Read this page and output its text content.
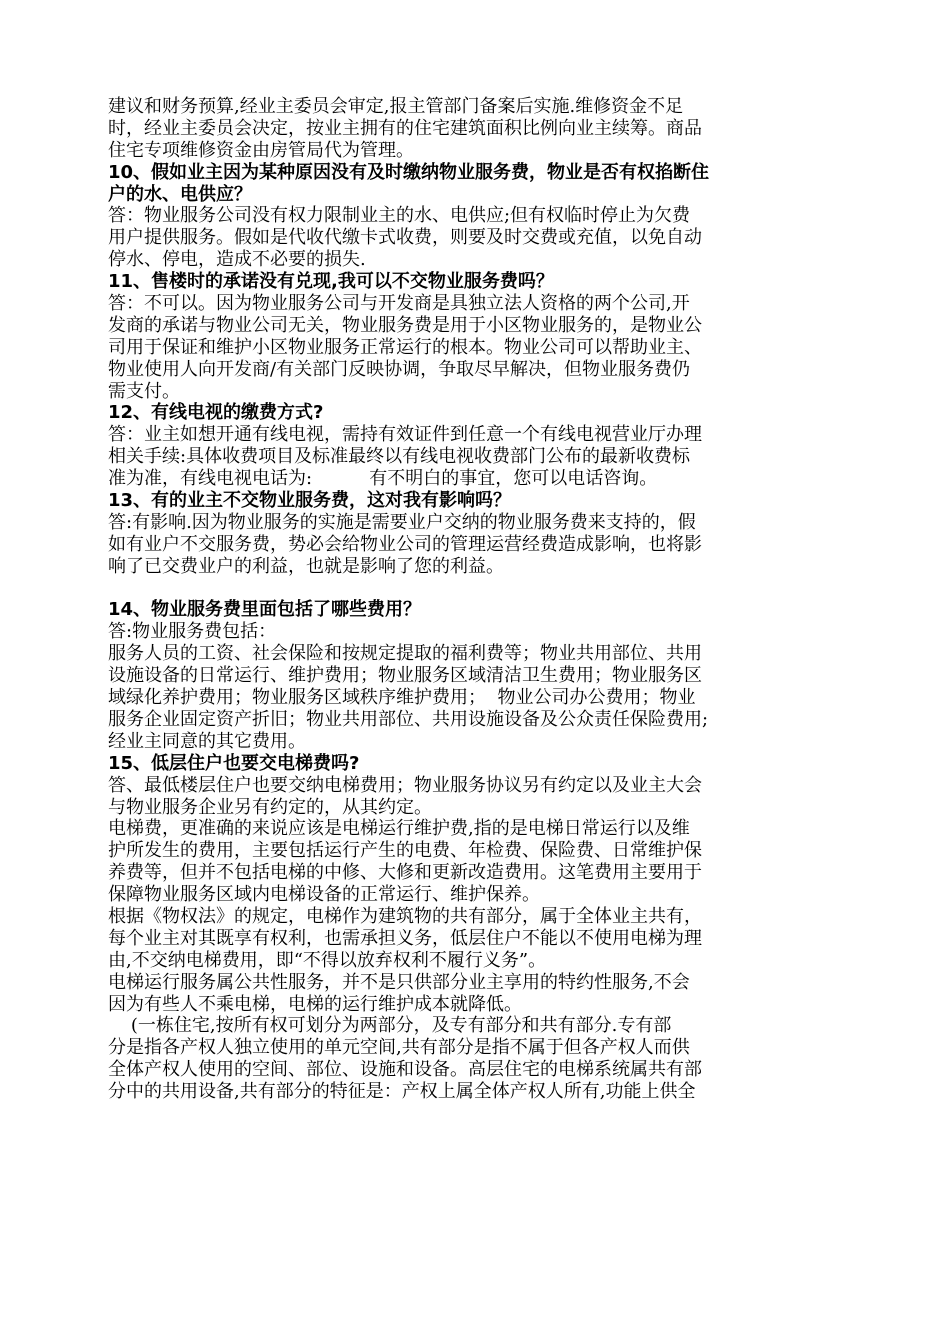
建议和财务预算,经业主委员会审定,报主管部门备案后实施.维修资金不足
时，经业主委员会决定，按业主拥有的住宅建筑面积比例向业主续筹。商品
住宅专项维修资金由房管局代为管理。
10、假如业主因为某种原因没有及时缴纳物业服务费，物业是否有权掐断住
户的水、电供应？
答：物业服务公司没有权力限制业主的水、电供应;但有权临时停止为欠费
用户提供服务。假如是代收代缴卡式收费，则要及时交费或充值，以免自动
停水、停电，造成不必要的损失.
11、售楼时的承诺没有兑现,我可以不交物业服务费吗？
答：不可以。因为物业服务公司与开发商是具独立法人资格的两个公司,开
发商的承诺与物业公司无关，物业服务费是用于小区物业服务的，是物业公
司用于保证和维护小区物业服务正常运行的根本。物业公司可以帮助业主、
物业使用人向开发商/有关部门反映协调，争取尽早解决，但物业服务费仍
需支付。
12、有线电视的缴费方式?
答：业主如想开通有线电视，需持有效证件到任意一个有线电视营业厅办理
相关手续:具体收费项目及标准最终以有线电视收费部门公布的最新收费标
准为准，有线电视电话为:          有不明白的事宜，您可以电话咨询。
13、有的业主不交物业服务费，这对我有影响吗？
答:有影响.因为物业服务的实施是需要业户交纳的物业服务费来支持的，假
如有业户不交服务费，势必会给物业公司的管理运营经费造成影响，也将影
响了已交费业户的利益，也就是影响了您的利益。
14、物业服务费里面包括了哪些费用？
答:物业服务费包括：
服务人员的工资、社会保险和按规定提取的福利费等；物业共用部位、共用
设施设备的日常运行、维护费用；物业服务区域清洁卫生费用；物业服务区
域绿化养护费用；物业服务区域秩序维护费用；  物业公司办公费用；物业
服务企业固定资产折旧；物业共用部位、共用设施设备及公众责任保险费用;
经业主同意的其它费用。
15、低层住户也要交电梯费吗?
答、最低楼层住户也要交纳电梯费用；物业服务协议另有约定以及业主大会
与物业服务企业另有约定的，从其约定。
电梯费，更准确的来说应该是电梯运行维护费,指的是电梯日常运行以及维
护所发生的费用，主要包括运行产生的电费、年检费、保险费、日常维护保
养费等，但并不包括电梯的中修、大修和更新改造费用。这笔费用主要用于
保障物业服务区域内电梯设备的正常运行、维护保养。
根据《物权法》的规定，电梯作为建筑物的共有部分，属于全体业主共有，
每个业主对其既享有权利，也需承担义务，低层住户不能以不使用电梯为理
由,不交纳电梯费用，即“不得以放弃权利不履行义务”。
电梯运行服务属公共性服务，并不是只供部分业主享用的特约性服务,不会
因为有些人不乘电梯，电梯的运行维护成本就降低。
(一栋住宅,按所有权可划分为两部分，及专有部分和共有部分.专有部
分是指各产权人独立使用的单元空间,共有部分是指不属于但各产权人而供
全体产权人使用的空间、部位、设施和设备。高层住宅的电梯系统属共有部
分中的共用设备,共有部分的特征是：产权上属全体产权人所有,功能上供全
